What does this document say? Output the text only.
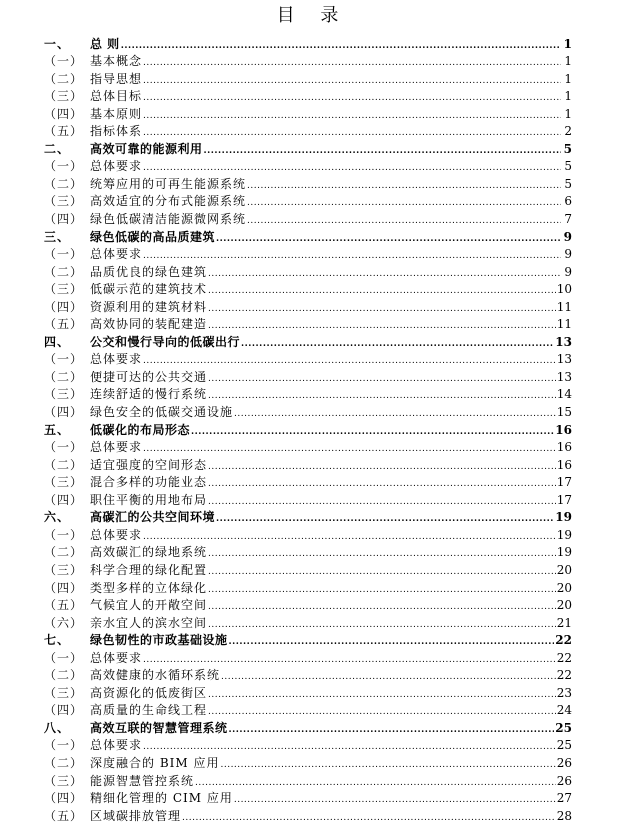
目 录
一、	总 则 .....	1
（一） 基本概念 .....	1
（二） 指导思想 .....	1
（三） 总体目标 .....	1
（四） 基本原则 .....	1
（五） 指标体系 .....	2
二、	高效可靠的能源利用 .....	5
（一） 总体要求 .....	5
（二） 统筹应用的可再生能源系统 .....	5
（三） 高效适宜的分布式能源系统 .....	6
（四） 绿色低碳清洁能源微网系统 .....	7
三、	绿色低碳的高品质建筑 .....	9
（一） 总体要求 .....	9
（二） 品质优良的绿色建筑 .....	9
（三） 低碳示范的建筑技术 .....	10
（四） 资源利用的建筑材料 .....	11
（五） 高效协同的装配建造 .....	11
四、	公交和慢行导向的低碳出行 .....	13
（一） 总体要求 .....	13
（二） 便捷可达的公共交通 .....	13
（三） 连续舒适的慢行系统 .....	14
（四） 绿色安全的低碳交通设施 .....	15
五、	低碳化的布局形态 .....	16
（一） 总体要求 .....	16
（二） 适宜强度的空间形态 .....	16
（三） 混合多样的功能业态 .....	17
（四） 职住平衡的用地布局 .....	17
六、	高碳汇的公共空间环境 .....	19
（一） 总体要求 .....	19
（二） 高效碳汇的绿地系统 .....	19
（三） 科学合理的绿化配置 .....	20
（四） 类型多样的立体绿化 .....	20
（五） 气候宜人的开敞空间 .....	20
（六） 亲水宜人的滨水空间 .....	21
七、	绿色韧性的市政基础设施 .....	22
（一） 总体要求 .....	22
（二） 高效健康的水循环系统 .....	22
（三） 高资源化的低废街区 .....	23
（四） 高质量的生命线工程 .....	24
八、	高效互联的智慧管理系统 .....	25
（一） 总体要求 .....	25
（二） 深度融合的 BIM 应用 .....	26
（三） 能源智慧管控系统 .....	26
（四） 精细化管理的 CIM 应用 .....	27
（五） 区域碳排放管理 .....	28
